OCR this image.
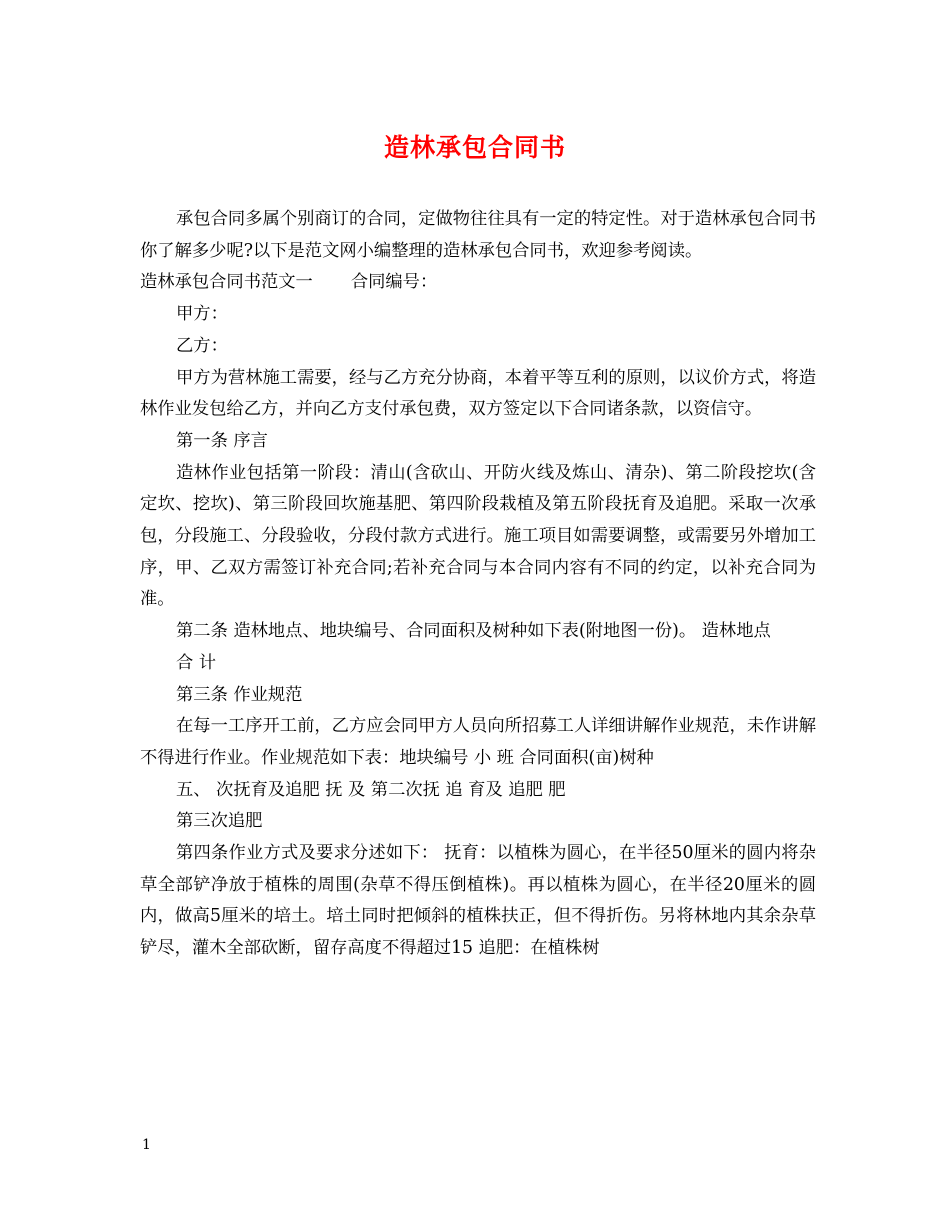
造林承包合同书

承包合同多属个别商订的合同，定做物往往具有一定的特定性。对于造林承包合同书你了解多少呢?以下是范文网小编整理的造林承包合同书，欢迎参考阅读。

造林承包合同书范文一 合同编号：

甲方：

乙方：

甲方为营林施工需要，经与乙方充分协商，本着平等互利的原则，以议价方式，将造林作业发包给乙方，并向乙方支付承包费，双方签定以下合同诸条款，以资信守。

第一条 序言

造林作业包括第一阶段：清山(含砍山、开防火线及炼山、清杂)、第二阶段挖坎(含定坎、挖坎)、第三阶段回坎施基肥、第四阶段栽植及第五阶段抚育及追肥。采取一次承包，分段施工、分段验收，分段付款方式进行。施工项目如需要调整，或需要另外增加工序，甲、乙双方需签订补充合同;若补充合同与本合同内容有不同的约定，以补充合同为准。

第二条 造林地点、地块编号、合同面积及树种如下表(附地图一份)。 造林地点

合 计

第三条 作业规范

在每一工序开工前，乙方应会同甲方人员向所招募工人详细讲解作业规范，未作讲解不得进行作业。作业规范如下表：地块编号 小 班 合同面积(亩)树种

五、 次抚育及追肥 抚 及 第二次抚 追 育及 追肥 肥

第三次追肥

第四条作业方式及要求分述如下： 抚育：以植株为圆心，在半径50厘米的圆内将杂草全部铲净放于植株的周围(杂草不得压倒植株)。再以植株为圆心，在半径20厘米的圆内，做高5厘米的培土。培土同时把倾斜的植株扶正，但不得折伤。另将林地内其余杂草铲尽，灌木全部砍断，留存高度不得超过15 追肥：在植株树

1
